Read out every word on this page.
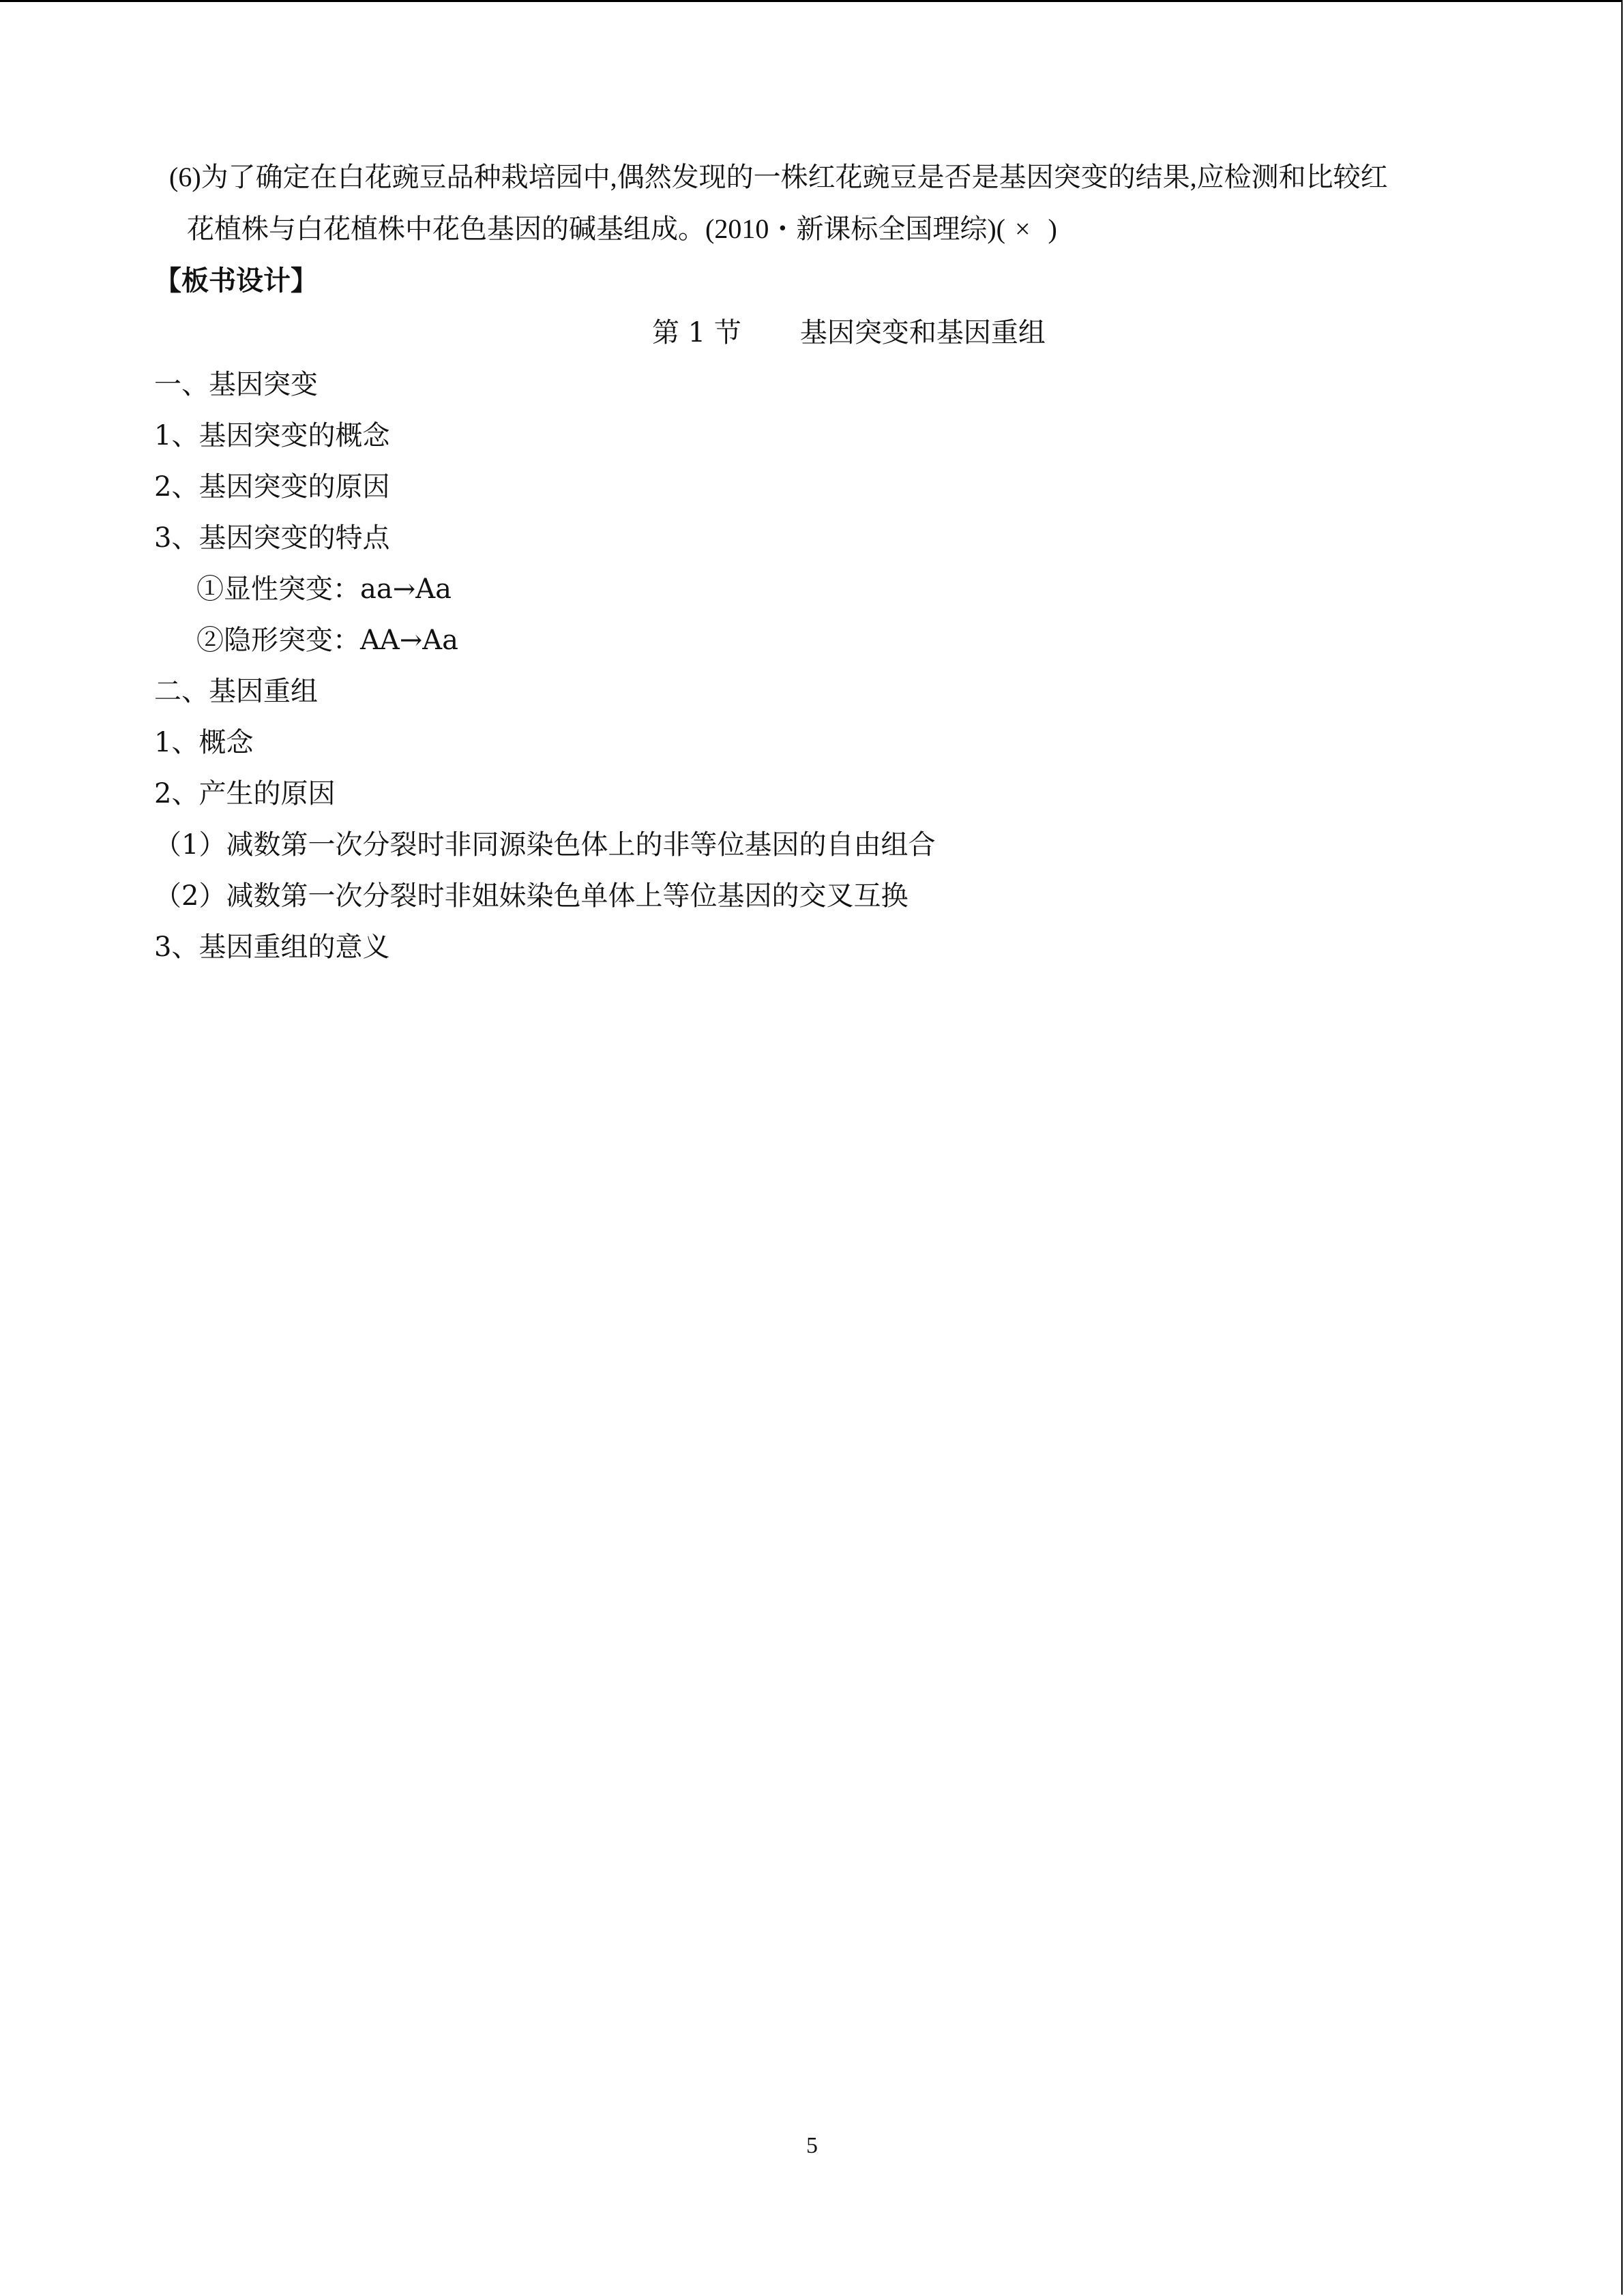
(6)为了确定在白花豌豆品种栽培园中,偶然发现的一株红花豌豆是否是基因突变的结果,应检测和比较红
花植株与白花植株中花色基因的碱基组成。(2010・新课标全国理综)( × )
【板书设计】
第 1 节 基因突变和基因重组
一、基因突变
1、基因突变的概念
2、基因突变的原因
3、基因突变的特点
①显性突变：aa→Aa
②隐形突变：AA→Aa
二、基因重组
1、概念
2、产生的原因
（1）减数第一次分裂时非同源染色体上的非等位基因的自由组合
（2）减数第一次分裂时非姐妹染色单体上等位基因的交叉互换
3、基因重组的意义
5
